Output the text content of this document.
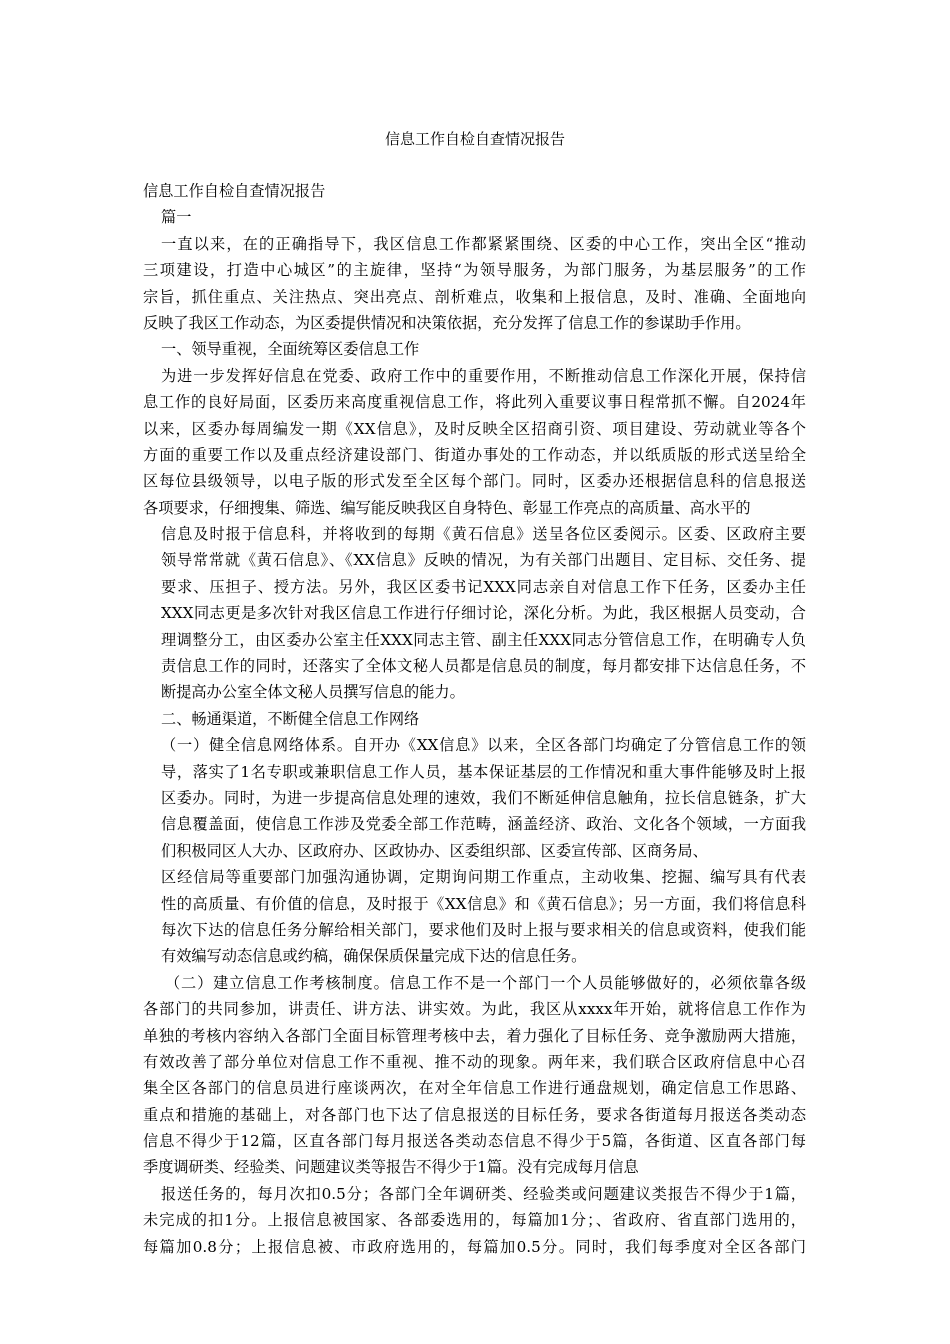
信息工作自检自查情况报告
信息工作自检自查情况报告
篇一
一直以来，在的正确指导下，我区信息工作都紧紧围绕、区委的中心工作，突出全区“推动
三项建设，打造中心城区”的主旋律，坚持“为领导服务，为部门服务，为基层服务”的工作
宗旨，抓住重点、关注热点、突出亮点、剖析难点，收集和上报信息，及时、准确、全面地向
反映了我区工作动态，为区委提供情况和决策依据，充分发挥了信息工作的参谋助手作用。
一、领导重视，全面统筹区委信息工作
为进一步发挥好信息在党委、政府工作中的重要作用，不断推动信息工作深化开展，保持信
息工作的良好局面，区委历来高度重视信息工作，将此列入重要议事日程常抓不懈。自2024年
以来，区委办每周编发一期《XX信息》，及时反映全区招商引资、项目建设、劳动就业等各个
方面的重要工作以及重点经济建设部门、街道办事处的工作动态，并以纸质版的形式送呈给全
区每位县级领导，以电子版的形式发至全区每个部门。同时，区委办还根据信息科的信息报送
各项要求，仔细搜集、筛选、编写能反映我区自身特色、彰显工作亮点的高质量、高水平的
信息及时报于信息科，并将收到的每期《黄石信息》送呈各位区委阅示。区委、区政府主要
领导常常就《黄石信息》、《XX信息》反映的情况，为有关部门出题目、定目标、交任务、提
要求、压担子、授方法。另外，我区区委书记XXX同志亲自对信息工作下任务，区委办主任
XXX同志更是多次针对我区信息工作进行仔细讨论，深化分析。为此，我区根据人员变动，合
理调整分工，由区委办公室主任XXX同志主管、副主任XXX同志分管信息工作，在明确专人负
责信息工作的同时，还落实了全体文秘人员都是信息员的制度，每月都安排下达信息任务，不
断提高办公室全体文秘人员撰写信息的能力。
二、畅通渠道，不断健全信息工作网络
（一）健全信息网络体系。自开办《XX信息》以来，全区各部门均确定了分管信息工作的领
导，落实了1名专职或兼职信息工作人员，基本保证基层的工作情况和重大事件能够及时上报
区委办。同时，为进一步提高信息处理的速效，我们不断延伸信息触角，拉长信息链条，扩大
信息覆盖面，使信息工作涉及党委全部工作范畴，涵盖经济、政治、文化各个领域，一方面我
们积极同区人大办、区政府办、区政协办、区委组织部、区委宣传部、区商务局、
区经信局等重要部门加强沟通协调，定期询问期工作重点，主动收集、挖掘、编写具有代表
性的高质量、有价值的信息，及时报于《XX信息》和《黄石信息》；另一方面，我们将信息科
每次下达的信息任务分解给相关部门，要求他们及时上报与要求相关的信息或资料，使我们能
有效编写动态信息或约稿，确保保质保量完成下达的信息任务。
（二）建立信息工作考核制度。信息工作不是一个部门一个人员能够做好的，必须依靠各级
各部门的共同参加，讲责任、讲方法、讲实效。为此，我区从xxxx年开始，就将信息工作作为
单独的考核内容纳入各部门全面目标管理考核中去，着力强化了目标任务、竞争激励两大措施，
有效改善了部分单位对信息工作不重视、推不动的现象。两年来，我们联合区政府信息中心召
集全区各部门的信息员进行座谈两次，在对全年信息工作进行通盘规划，确定信息工作思路、
重点和措施的基础上，对各部门也下达了信息报送的目标任务，要求各街道每月报送各类动态
信息不得少于12篇，区直各部门每月报送各类动态信息不得少于5篇，各街道、区直各部门每
季度调研类、经验类、问题建议类等报告不得少于1篇。没有完成每月信息
报送任务的，每月次扣0.5分；各部门全年调研类、经验类或问题建议类报告不得少于1篇，
未完成的扣1分。上报信息被国家、各部委选用的，每篇加1分；、省政府、省直部门选用的，
每篇加0.8分；上报信息被、市政府选用的，每篇加0.5分。同时，我们每季度对全区各部门
